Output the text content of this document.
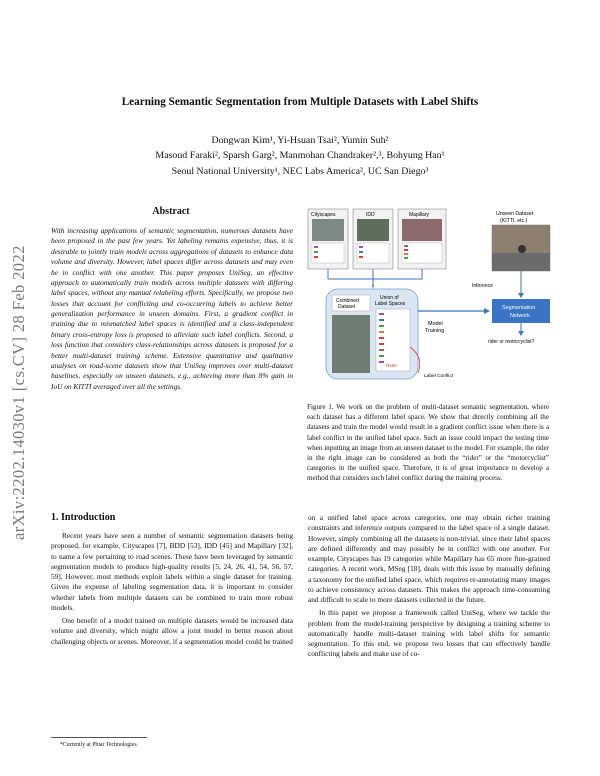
arXiv:2202.14030v1 [cs.CV] 28 Feb 2022
Learning Semantic Segmentation from Multiple Datasets with Label Shifts
Dongwan Kim¹, Yi-Hsuan Tsai², Yumin Suh²
Masoud Faraki², Sparsh Garg², Manmohan Chandraker²,³, Bohyung Han¹
Seoul National University¹, NEC Labs America², UC San Diego³
Abstract

With increasing applications of semantic segmentation, numerous datasets have been proposed in the past few years. Yet labeling remains expensive, thus, it is desirable to jointly train models across aggregations of datasets to enhance data volume and diversity. However, label spaces differ across datasets and may even be in conflict with one another. This paper proposes UniSeg, an effective approach to automatically train models across multiple datasets with differing label spaces, without any manual relabeling efforts. Specifically, we propose two losses that account for conflicting and co-occurring labels to achieve better generalization performance in unseen domains. First, a gradient conflict in training due to mismatched label spaces is identified and a class-independent binary cross-entropy loss is proposed to alleviate such label conflicts. Second, a loss function that considers class-relationships across datasets is proposed for a better multi-dataset training scheme. Extensive quantitative and qualitative analyses on road-scene datasets show that UniSeg improves over multi-dataset baselines, especially on unseen datasets, e.g., achieving more than 8% gain in IoU on KITTI averaged over all the settings.

1. Introduction

Recent years have seen a number of semantic segmentation datasets being proposed, for example, Cityscapes [7], BDD [53], IDD [45] and Mapillary [32], to name a few pertaining to road scenes. These have been leveraged by semantic segmentation models to produce high-quality results [5, 24, 26, 41, 54, 56, 57, 59]. However, most methods exploit labels within a single dataset for training. Given the expense of labeling segmentation data, it is important to consider whether labels from multiple datasets can be combined to train more robust models.

One benefit of a model trained on multiple datasets would be increased data volume and diversity, which might allow a joint model to better reason about challenging objects or scenes. Moreover, if a segmentation model could be trained

Cityscapes	IDD	Mapillary
Combined
Dataset
Union of
Label Spaces
Rider
Model
Training
Label Conflict
Unseen Dataset
(KITTI, etc.)
Inference
Segmentation
Network
rider or motorcyclist?
Figure 1. We work on the problem of multi-dataset semantic segmentation, where each dataset has a different label space. We show that directly combining all the datasets and train the model would result in a gradient conflict issue when there is a label conflict in the unified label space. Such an issue could impact the testing time when inputting an image from an unseen dataset to the model. For example, the rider in the right image can be considered as both the “rider” or the “motorcyclist” categories in the unified space. Therefore, it is of great importance to develop a method that considers such label conflict during the training process.

on a unified label space across categories, one may obtain richer training constraints and inference outputs compared to the label space of a single dataset. However, simply combining all the datasets is non-trivial, since their label spaces are defined differently and may possibly be in conflict with one another. For example, Cityscapes has 19 categories while Mapillary has 65 more fine-grained categories. A recent work, MSeg [18], deals with this issue by manually defining a taxonomy for the unified label space, which requires re-annotating many images to achieve consistency across datasets. This makes the approach time-consuming and difficult to scale to more datasets collected in the future.

In this paper we propose a framework called UniSeg, where we tackle the problem from the model-training perspective by designing a training scheme to automatically handle multi-dataset training with label shifts for semantic segmentation. To this end, we propose two losses that can effectively handle conflicting labels and make use of co-

*Currently at Phiar Technologies.
